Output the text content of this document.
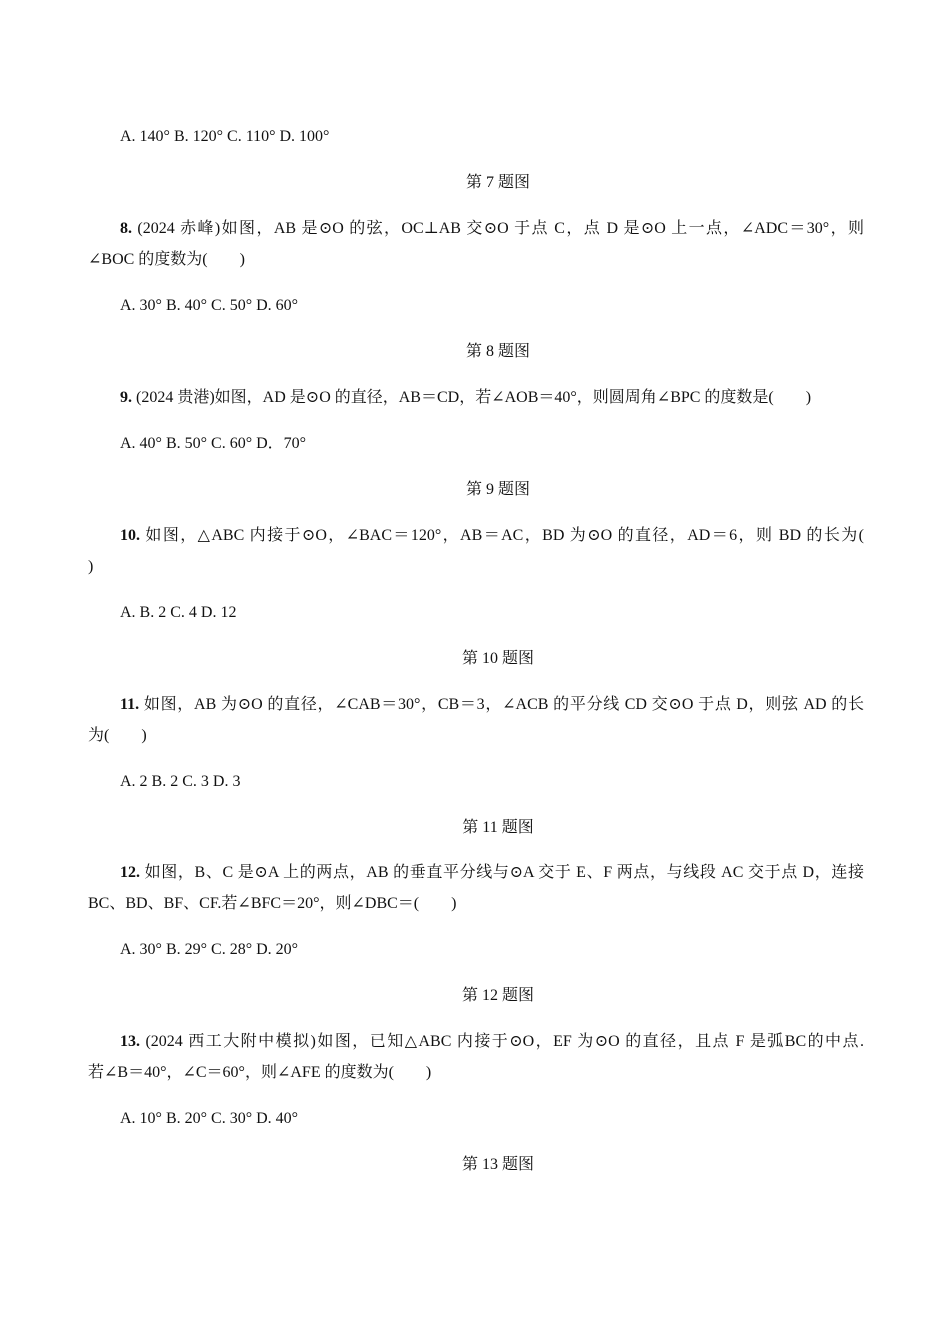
A. 140° B. 120° C. 110° D. 100°
第 7 题图
8. (2024 赤峰)如图，AB 是⊙O 的弦，OC⊥AB 交⊙O 于点 C，点 D 是⊙O 上一点，∠ADC＝30°，则
∠BOC 的度数为(　　)
A. 30° B. 40° C. 50° D. 60°
第 8 题图
9. (2024 贵港)如图，AD 是⊙O 的直径，AB＝CD，若∠AOB＝40°，则圆周角∠BPC 的度数是(　　)
A. 40° B. 50° C. 60° D．70°
第 9 题图
10. 如图，△ABC 内接于⊙O，∠BAC＝120°，AB＝AC，BD 为⊙O 的直径，AD＝6，则 BD 的长为(
)
A. B. 2 C. 4 D. 12
第 10 题图
11. 如图，AB 为⊙O 的直径，∠CAB＝30°，CB＝3，∠ACB 的平分线 CD 交⊙O 于点 D，则弦 AD 的长
为(　　)
A. 2 B. 2 C. 3 D. 3
第 11 题图
12. 如图，B、C 是⊙A 上的两点，AB 的垂直平分线与⊙A 交于 E、F 两点，与线段 AC 交于点 D，连接
BC、BD、BF、CF.若∠BFC＝20°，则∠DBC＝(　　)
A. 30° B. 29° C. 28° D. 20°
第 12 题图
13. (2024 西工大附中模拟)如图，已知△ABC 内接于⊙O，EF 为⊙O 的直径，且点 F 是弧BC的中点.
若∠B＝40°，∠C＝60°，则∠AFE 的度数为(　　)
A. 10° B. 20° C. 30° D. 40°
第 13 题图
